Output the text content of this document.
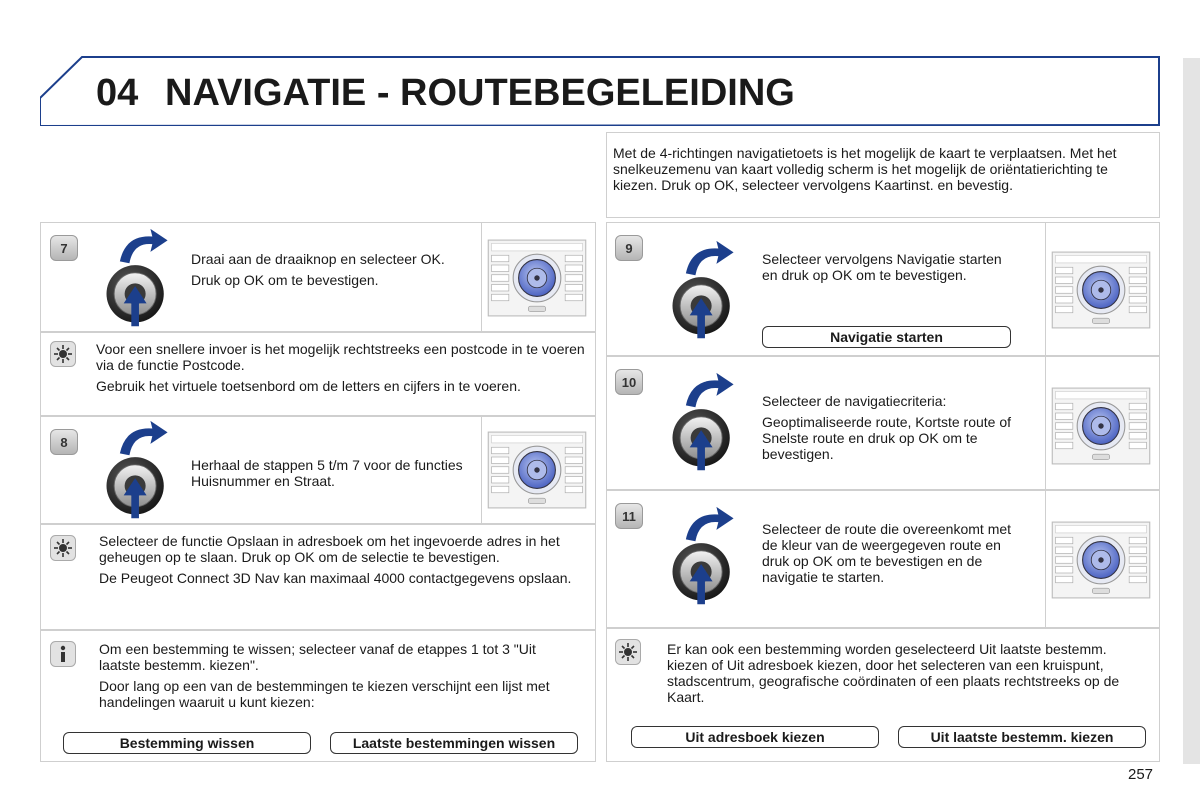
04 NAVIGATIE - ROUTEBEGELEIDING
Met de 4-richtingen navigatietoets is het mogelijk de kaart te verplaatsen. Met het snelkeuzemenu van kaart volledig scherm is het mogelijk de oriëntatierichting te kiezen. Druk op OK, selecteer vervolgens Kaartinst. en bevestig.
7

Draai aan de draaiknop en selecteer OK.

Druk op OK om te bevestigen.

Voor een snellere invoer is het mogelijk rechtstreeks een postcode in te voeren via de functie Postcode.

Gebruik het virtuele toetsenbord om de letters en cijfers in te voeren.

8

Herhaal de stappen 5 t/m 7 voor de functies Huisnummer en Straat.

Selecteer de functie Opslaan in adresboek om het ingevoerde adres in het geheugen op te slaan. Druk op OK om de selectie te bevestigen.

De Peugeot Connect 3D Nav kan maximaal 4000 contactgegevens opslaan.

Om een bestemming te wissen; selecteer vanaf de etappes 1 tot 3 "Uit laatste bestemm. kiezen".

Door lang op een van de bestemmingen te kiezen verschijnt een lijst met handelingen waaruit u kunt kiezen:

Bestemming wissen	Laatste bestemmingen wissen
9

Selecteer vervolgens Navigatie starten en druk op OK om te bevestigen.

Navigatie starten
10

Selecteer de navigatiecriteria:

Geoptimaliseerde route, Kortste route of Snelste route en druk op OK om te bevestigen.

11

Selecteer de route die overeenkomt met de kleur van de weergegeven route en druk op OK om te bevestigen en de navigatie te starten.

Er kan ook een bestemming worden geselecteerd Uit laatste bestemm. kiezen of Uit adresboek kiezen, door het selecteren van een kruispunt, stadscentrum, geografische coördinaten of een plaats rechtstreeks op de Kaart.

Uit adresboek kiezen	Uit laatste bestemm. kiezen
257
